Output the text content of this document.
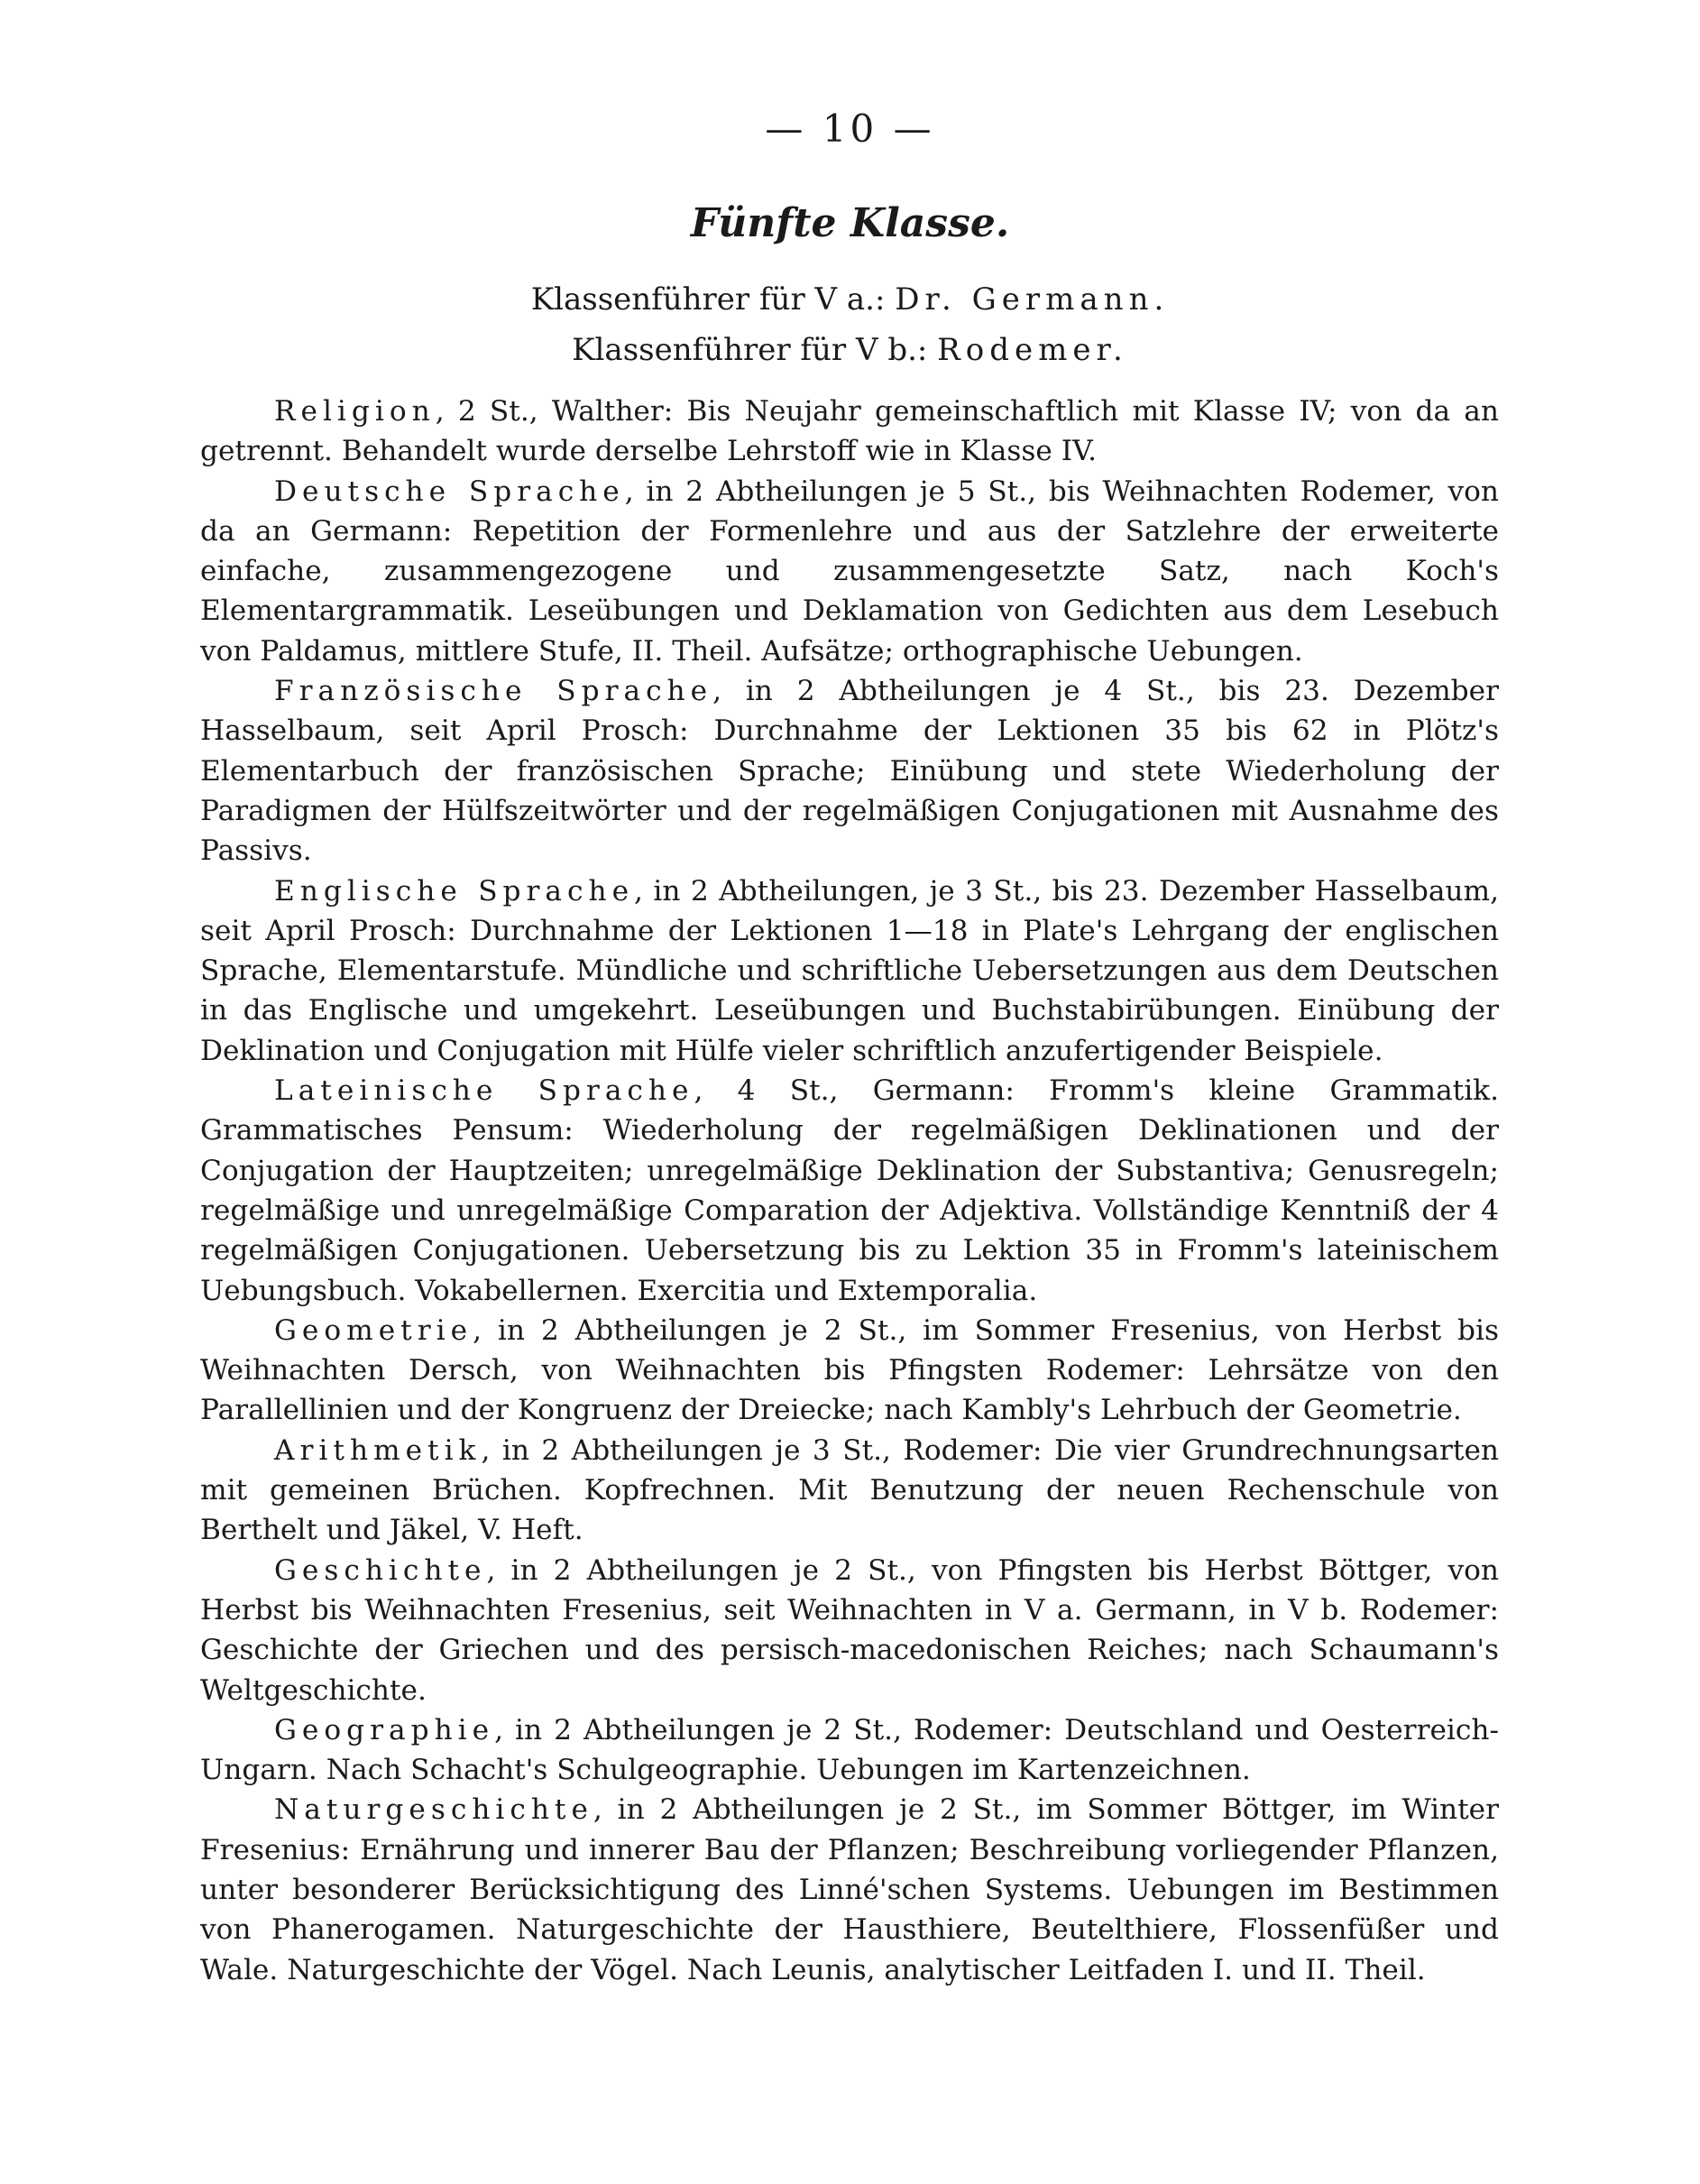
— 10 —
Fünfte Klasse.
Klassenführer für V a.: Dr. Germann.
Klassenführer für V b.: Rodemer.

Religion, 2 St., Walther: Bis Neujahr gemeinschaftlich mit Klasse IV; von da an getrennt. Behandelt wurde derselbe Lehrstoff wie in Klasse IV.

Deutsche Sprache, in 2 Abtheilungen je 5 St., bis Weihnachten Rodemer, von da an Germann: Repetition der Formenlehre und aus der Satzlehre der erweiterte einfache, zusammengezogene und zusammengesetzte Satz, nach Koch's Elementargrammatik. Leseübungen und Deklamation von Gedichten aus dem Lesebuch von Paldamus, mittlere Stufe, II. Theil. Aufsätze; orthographische Uebungen.

Französische Sprache, in 2 Abtheilungen je 4 St., bis 23. Dezember Hasselbaum, seit April Prosch: Durchnahme der Lektionen 35 bis 62 in Plötz's Elementarbuch der französischen Sprache; Einübung und stete Wiederholung der Paradigmen der Hülfszeitwörter und der regelmäßigen Conjugationen mit Ausnahme des Passivs.

Englische Sprache, in 2 Abtheilungen, je 3 St., bis 23. Dezember Hasselbaum, seit April Prosch: Durchnahme der Lektionen 1—18 in Plate's Lehrgang der englischen Sprache, Elementarstufe. Mündliche und schriftliche Uebersetzungen aus dem Deutschen in das Englische und umgekehrt. Leseübungen und Buchstabirübungen. Einübung der Deklination und Conjugation mit Hülfe vieler schriftlich anzufertigender Beispiele.

Lateinische Sprache, 4 St., Germann: Fromm's kleine Grammatik. Grammatisches Pensum: Wiederholung der regelmäßigen Deklinationen und der Conjugation der Hauptzeiten; unregelmäßige Deklination der Substantiva; Genusregeln; regelmäßige und unregelmäßige Comparation der Adjektiva. Vollständige Kenntniß der 4 regelmäßigen Conjugationen. Uebersetzung bis zu Lektion 35 in Fromm's lateinischem Uebungsbuch. Vokabellernen. Exercitia und Extemporalia.

Geometrie, in 2 Abtheilungen je 2 St., im Sommer Fresenius, von Herbst bis Weihnachten Dersch, von Weihnachten bis Pfingsten Rodemer: Lehrsätze von den Parallellinien und der Kongruenz der Dreiecke; nach Kambly's Lehrbuch der Geometrie.

Arithmetik, in 2 Abtheilungen je 3 St., Rodemer: Die vier Grundrechnungsarten mit gemeinen Brüchen. Kopfrechnen. Mit Benutzung der neuen Rechenschule von Berthelt und Jäkel, V. Heft.

Geschichte, in 2 Abtheilungen je 2 St., von Pfingsten bis Herbst Böttger, von Herbst bis Weihnachten Fresenius, seit Weihnachten in V a. Germann, in V b. Rodemer: Geschichte der Griechen und des persisch-macedonischen Reiches; nach Schaumann's Weltgeschichte.

Geographie, in 2 Abtheilungen je 2 St., Rodemer: Deutschland und Oesterreich-Ungarn. Nach Schacht's Schulgeographie. Uebungen im Kartenzeichnen.

Naturgeschichte, in 2 Abtheilungen je 2 St., im Sommer Böttger, im Winter Fresenius: Ernährung und innerer Bau der Pflanzen; Beschreibung vorliegender Pflanzen, unter besonderer Berücksichtigung des Linné'schen Systems. Uebungen im Bestimmen von Phanerogamen. Naturgeschichte der Hausthiere, Beutelthiere, Flossenfüßer und Wale. Naturgeschichte der Vögel. Nach Leunis, analytischer Leitfaden I. und II. Theil.
